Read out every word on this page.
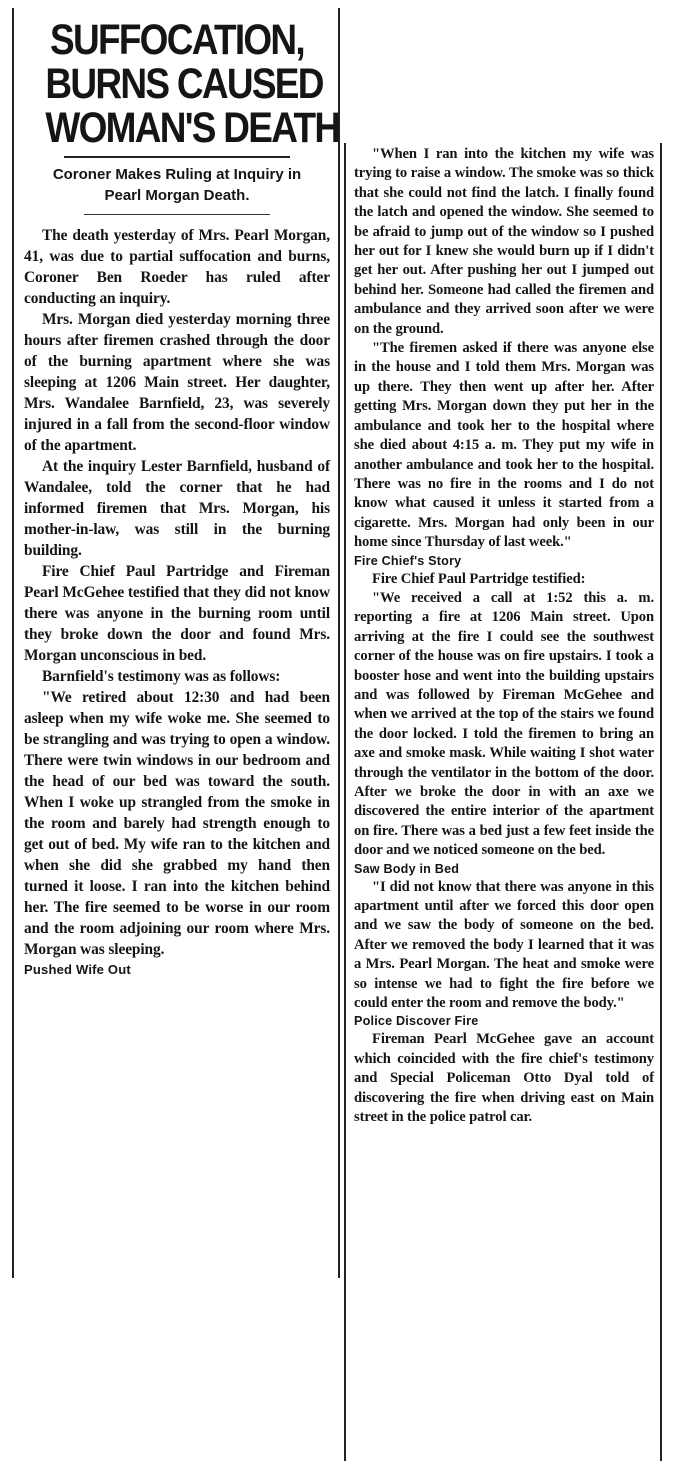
SUFFOCATION,
BURNS CAUSED
WOMAN'S DEATH
Coroner Makes Ruling at Inquiry in Pearl Morgan Death.

The death yesterday of Mrs. Pearl Morgan, 41, was due to partial suffocation and burns, Coroner Ben Roeder has ruled after conducting an inquiry.

Mrs. Morgan died yesterday morning three hours after firemen crashed through the door of the burning apartment where she was sleeping at 1206 Main street. Her daughter, Mrs. Wandalee Barnfield, 23, was severely injured in a fall from the second-floor window of the apartment.

At the inquiry Lester Barnfield, husband of Wandalee, told the corner that he had informed firemen that Mrs. Morgan, his mother-in-law, was still in the burning building.

Fire Chief Paul Partridge and Fireman Pearl McGehee testified that they did not know there was anyone in the burning room until they broke down the door and found Mrs. Morgan unconscious in bed.

Barnfield's testimony was as follows:

"We retired about 12:30 and had been asleep when my wife woke me. She seemed to be strangling and was trying to open a window. There were twin windows in our bedroom and the head of our bed was toward the south. When I woke up strangled from the smoke in the room and barely had strength enough to get out of bed. My wife ran to the kitchen and when she did she grabbed my hand then turned it loose. I ran into the kitchen behind her. The fire seemed to be worse in our room and the room adjoining our room where Mrs. Morgan was sleeping.

Pushed Wife Out

"When I ran into the kitchen my wife was trying to raise a window. The smoke was so thick that she could not find the latch. I finally found the latch and opened the window. She seemed to be afraid to jump out of the window so I pushed her out for I knew she would burn up if I didn't get her out. After pushing her out I jumped out behind her. Someone had called the firemen and ambulance and they arrived soon after we were on the ground.

"The firemen asked if there was anyone else in the house and I told them Mrs. Morgan was up there. They then went up after her. After getting Mrs. Morgan down they put her in the ambulance and took her to the hospital where she died about 4:15 a. m. They put my wife in another ambulance and took her to the hospital. There was no fire in the rooms and I do not know what caused it unless it started from a cigarette. Mrs. Morgan had only been in our home since Thursday of last week."

Fire Chief's Story

Fire Chief Paul Partridge testified:

"We received a call at 1:52 this a. m. reporting a fire at 1206 Main street. Upon arriving at the fire I could see the southwest corner of the house was on fire upstairs. I took a booster hose and went into the building upstairs and was followed by Fireman McGehee and when we arrived at the top of the stairs we found the door locked. I told the firemen to bring an axe and smoke mask. While waiting I shot water through the ventilator in the bottom of the door. After we broke the door in with an axe we discovered the entire interior of the apartment on fire. There was a bed just a few feet inside the door and we noticed someone on the bed.

Saw Body in Bed

"I did not know that there was anyone in this apartment until after we forced this door open and we saw the body of someone on the bed. After we removed the body I learned that it was a Mrs. Pearl Morgan. The heat and smoke were so intense we had to fight the fire before we could enter the room and remove the body."

Police Discover Fire

Fireman Pearl McGehee gave an account which coincided with the fire chief's testimony and Special Policeman Otto Dyal told of discovering the fire when driving east on Main street in the police patrol car.
